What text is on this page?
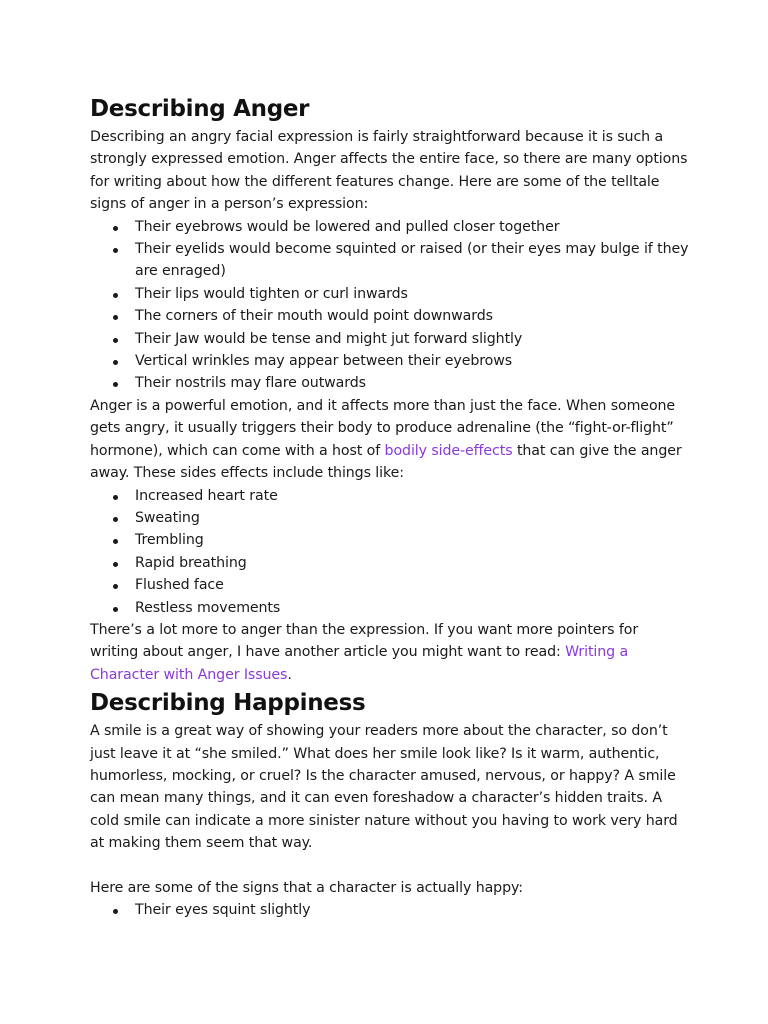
Describing Anger

Describing an angry facial expression is fairly straightforward because it is such a strongly expressed emotion. Anger affects the entire face, so there are many options for writing about how the different features change. Here are some of the telltale signs of anger in a person’s expression:

Their eyebrows would be lowered and pulled closer together
Their eyelids would become squinted or raised (or their eyes may bulge if they are enraged)
Their lips would tighten or curl inwards
The corners of their mouth would point downwards
Their Jaw would be tense and might jut forward slightly
Vertical wrinkles may appear between their eyebrows
Their nostrils may flare outwards

Anger is a powerful emotion, and it affects more than just the face. When someone gets angry, it usually triggers their body to produce adrenaline (the “fight-or-flight” hormone), which can come with a host of bodily side-effects that can give the anger away. These sides effects include things like:

Increased heart rate
Sweating
Trembling
Rapid breathing
Flushed face
Restless movements

There’s a lot more to anger than the expression. If you want more pointers for writing about anger, I have another article you might want to read: Writing a Character with Anger Issues.

Describing Happiness

A smile is a great way of showing your readers more about the character, so don’t just leave it at “she smiled.” What does her smile look like? Is it warm, authentic, humorless, mocking, or cruel? Is the character amused, nervous, or happy? A smile can mean many things, and it can even foreshadow a character’s hidden traits. A cold smile can indicate a more sinister nature without you having to work very hard at making them seem that way.

Here are some of the signs that a character is actually happy:

Their eyes squint slightly
